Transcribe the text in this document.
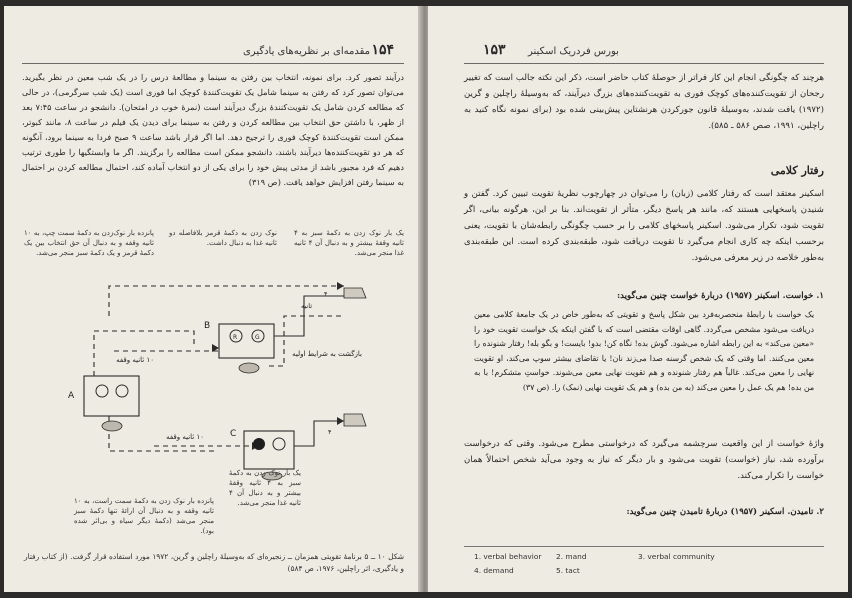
مقدمه‌ای بر نظریه‌های یادگیری ۱۵۴
درآیند تصور کرد. برای نمونه، انتخاب بین رفتن به سینما و مطالعهٔ درس را در یک شب معین در نظر بگیرید. می‌توان تصور کرد که رفتن به سینما شامل یک تقویت‌کنندهٔ کوچک اما فوری است (یک شب سرگرمی)، در حالی که مطالعه کردن شامل یک تقویت‌کنندهٔ بزرگ دیرآیند است (نمرهٔ خوب در امتحان). دانشجو در ساعت ۷:۴۵ بعد از ظهر، با داشتن حق انتخاب بین مطالعه کردن و رفتن به سینما برای دیدن یک فیلم در ساعت ۸، مانند کبوتر، ممکن است تقویت‌کنندهٔ کوچک فوری را ترجیح دهد. اما اگر قرار باشد ساعت ۹ صبح فردا به سینما برود، آنگونه که هر دو تقویت‌کننده‌ها دیرآیند باشند، دانشجو ممکن است مطالعه را برگزیند. اگر ما وابستگیها را طوری ترتیب دهیم که فرد مجبور باشد از مدتی پیش خود را برای یکی از دو انتخاب آماده کند، احتمال مطالعه کردن بر احتمال به سینما رفتن افزایش خواهد یافت. (ص ۳۱۹)
یک بار نوک زدن به دکمهٔ سبز به ۴ ثانیه وقفهٔ بیشتر و به دنبال آن ۴ ثانیه غذا منجر می‌شد.
نوک زدن به دکمهٔ قرمز بلافاصله دو ثانیه غذا به دنبال داشت.
پانزده بار نوک‌زدن به دکمهٔ سمت چپ، به ۱۰ ثانیه وقفه و به دنبال آن حق انتخاب بین یک دکمهٔ قرمز و یک دکمهٔ سبز منجر می‌شد.
A
B
C
R	G
۱۰ ثانیه وقفه
۱۰ ثانیه وقفه
بازگشت به شرایط اولیه
ثانیه
۴
۴
یک بار نوک زدن به دکمهٔ سبز به ۴ ثانیه وقفهٔ بیشتر و به دنبال آن ۴ ثانیه غذا منجر می‌شد.
پانزده بار نوک زدن به دکمهٔ سمت راست، به ۱۰ ثانیه وقفه و به دنبال آن ارائهٔ تنها دکمهٔ سبز منجر می‌شد (دکمهٔ دیگر سیاه و بی‌اثر شده بود).
شکل ۱۰ ــ ۵ برنامهٔ تقویتی همزمان ــ زنجیره‌ای که به‌وسیلهٔ راچلین و گرین، ۱۹۷۲ مورد استفاده قرار گرفت. (از کتاب رفتار و یادگیری، اثر راچلین، ۱۹۷۶، ص ۵۸۴)
۱۵۳ بورس فردریک اسکینر
هرچند که چگونگی انجام این کار فراتر از حوصلهٔ کتاب حاضر است، ذکر این نکته جالب است که تغییر رجحان از تقویت‌کننده‌های کوچک فوری به تقویت‌کننده‌های بزرگ دیرآیند، که به‌وسیلهٔ راچلین و گرین (۱۹۷۲) یافت شدند، به‌وسیلهٔ قانون جورکردن هرنشتاین پیش‌بینی شده بود (برای نمونه نگاه کنید به راچلین، ۱۹۹۱، صص ۵۸۶ ـ ۵۸۵).
رفتار کلامی
اسکینر معتقد است که رفتار کلامی (زبان) را می‌توان در چهارچوب نظریهٔ تقویت تبیین کرد. گفتن و شنیدن پاسخهایی هستند که، مانند هر پاسخ دیگر، متأثر از تقویت‌اند. بنا بر این، هرگونه بیانی، اگر تقویت شود، تکرار می‌شود. اسکینر پاسخهای کلامی را بر حسب چگونگی رابطه‌شان با تقویت، یعنی برحسب اینکه چه کاری انجام می‌گیرد تا تقویت دریافت شود، طبقه‌بندی کرده است. این طبقه‌بندی به‌طور خلاصه در زیر معرفی می‌شود.
۱. خواست. اسکینر (۱۹۵۷) دربارهٔ خواست چنین می‌گوید:
یک خواست با رابطهٔ منحصربه‌فرد بین شکل پاسخ و تقویتی که به‌طور خاص در یک جامعهٔ کلامی معین دریافت می‌شود مشخص می‌گردد. گاهی اوقات مقتضی است که با گفتن اینکه یک خواست تقویت خود را «معین می‌کند» به این رابطه اشاره می‌شود. گوش بده! نگاه کن! بدو! بایست! و بگو بله! رفتار شنونده را معین می‌کنند. اما وقتی که یک شخص گرسنه صدا می‌زند نان! یا تقاضای بیشتر سوپ می‌کند، او تقویت نهایی را معین می‌کند. غالباً هم رفتار شنونده و هم تقویت نهایی معین می‌شوند. خواستِ متشکرم! با به من بده! هم یک عمل را معین می‌کند (به من بده) و هم یک تقویت نهایی (نمک) را. (ص ۳۷)
واژهٔ خواست از این واقعیت سرچشمه می‌گیرد که درخواستی مطرح می‌شود. وقتی که درخواست برآورده شد، نیاز (خواست) تقویت می‌شود و بار دیگر که نیاز به وجود می‌آید شخص احتمالاً همان خواست را تکرار می‌کند.
۲. تامیدن. اسکینر (۱۹۵۷) دربارهٔ تامیدن چنین می‌گوید:
1. verbal behavior 2. mand	3. verbal community
4. demand	5. tact
